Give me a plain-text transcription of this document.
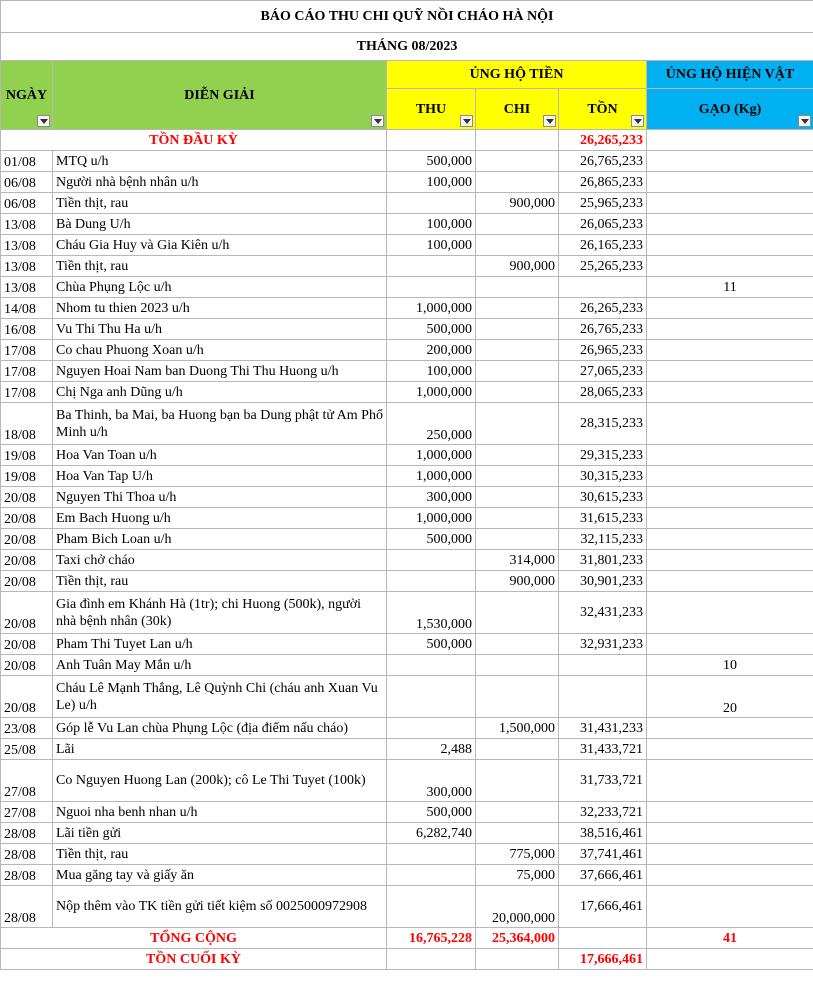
BÁO CÁO THU CHI QUỸ NỒI CHÁO HÀ NỘI					
THÁNG 08/2023					
NGÀY	DIỄN GIẢI	ỦNG HỘ TIỀN			ỦNG HỘ HIỆN VẬT
		THU	CHI	TỒN	GẠO (Kg)

TỒN ĐẦU KỲ				26,265,233	
01/08	MTQ u/h	500,000		26,765,233	
06/08	Người nhà bệnh nhân u/h	100,000		26,865,233	
06/08	Tiền thịt, rau		900,000	25,965,233	
13/08	Bà Dung U/h	100,000		26,065,233	
13/08	Cháu Gia Huy và Gia Kiên u/h	100,000		26,165,233	
13/08	Tiền thịt, rau		900,000	25,265,233	
13/08	Chùa Phụng Lộc u/h				11
14/08	Nhom tu thien 2023 u/h	1,000,000		26,265,233	
16/08	Vu Thi Thu Ha u/h	500,000		26,765,233	
17/08	Co chau Phuong Xoan u/h	200,000		26,965,233	
17/08	Nguyen Hoai Nam ban Duong Thi Thu Huong u/h	100,000		27,065,233	
17/08	Chị Nga anh Dũng u/h	1,000,000		28,065,233	
18/08	Ba Thinh, ba Mai, ba Huong bạn ba Dung phật tử Am Phổ Minh u/h	250,000		28,315,233	
19/08	Hoa Van Toan u/h	1,000,000		29,315,233	
19/08	Hoa Van Tap U/h	1,000,000		30,315,233	
20/08	Nguyen Thi Thoa u/h	300,000		30,615,233	
20/08	Em Bach Huong u/h	1,000,000		31,615,233	
20/08	Pham Bich Loan u/h	500,000		32,115,233	
20/08	Taxi chở cháo		314,000	31,801,233	
20/08	Tiền thịt, rau		900,000	30,901,233	
20/08	Gia đình em Khánh Hà (1tr); chi Huong (500k), người nhà bệnh nhân (30k)	1,530,000		32,431,233	
20/08	Pham Thi Tuyet Lan u/h	500,000		32,931,233	
20/08	Anh Tuân May Mắn u/h				10
20/08	Cháu Lê Mạnh Thắng, Lê Quỳnh Chi (cháu anh Xuan Vu Le) u/h				20
23/08	Góp lễ Vu Lan chùa Phụng Lộc (địa điểm nấu cháo)		1,500,000	31,431,233	
25/08	Lãi	2,488		31,433,721	
27/08	Co Nguyen Huong Lan (200k); cô Le Thi Tuyet (100k)	300,000		31,733,721	
27/08	Nguoi nha benh nhan u/h	500,000		32,233,721	
28/08	Lãi tiền gửi	6,282,740		38,516,461	
28/08	Tiền thịt, rau		775,000	37,741,461	
28/08	Mua găng tay và giấy ăn		75,000	37,666,461	
28/08	Nộp thêm vào TK tiền gửi tiết kiệm số 0025000972908		20,000,000	17,666,461	
TỔNG CỘNG		16,765,228	25,364,000		41
TỒN CUỐI KỲ				17,666,461	
